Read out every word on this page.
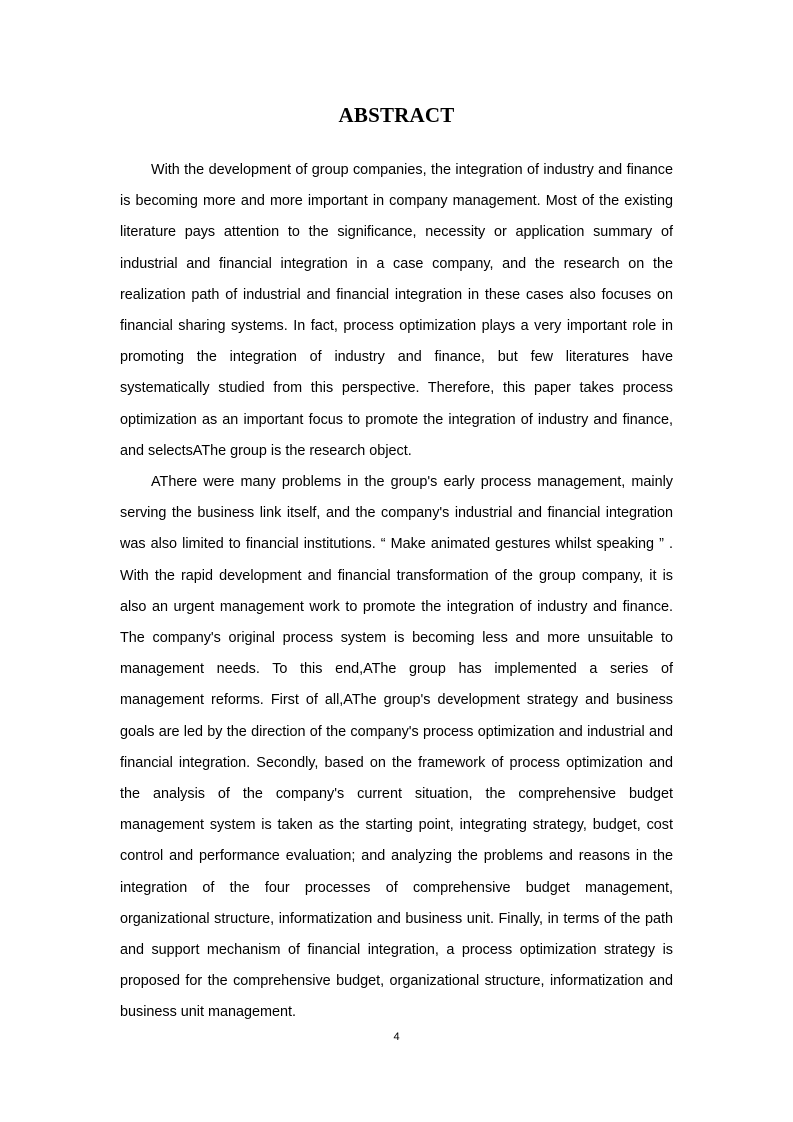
ABSTRACT

With the development of group companies, the integration of industry and finance is becoming more and more important in company management. Most of the existing literature pays attention to the significance, necessity or application summary of industrial and financial integration in a case company, and the research on the realization path of industrial and financial integration in these cases also focuses on financial sharing systems. In fact, process optimization plays a very important role in promoting the integration of industry and finance, but few literatures have systematically studied from this perspective. Therefore, this paper takes process optimization as an important focus to promote the integration of industry and finance, and selectsAThe group is the research object.

AThere were many problems in the group's early process management, mainly serving the business link itself, and the company's industrial and financial integration was also limited to financial institutions. “ Make animated gestures whilst speaking ” . With the rapid development and financial transformation of the group company, it is also an urgent management work to promote the integration of industry and finance. The company's original process system is becoming less and more unsuitable to management needs. To this end,AThe group has implemented a series of management reforms. First of all,AThe group's development strategy and business goals are led by the direction of the company's process optimization and industrial and financial integration. Secondly, based on the framework of process optimization and the analysis of the company's current situation, the comprehensive budget management system is taken as the starting point, integrating strategy, budget, cost control and performance evaluation; and analyzing the problems and reasons in the integration of the four processes of comprehensive budget management, organizational structure, informatization and business unit. Finally, in terms of the path and support mechanism of financial integration, a process optimization strategy is proposed for the comprehensive budget, organizational structure, informatization and business unit management.

4
